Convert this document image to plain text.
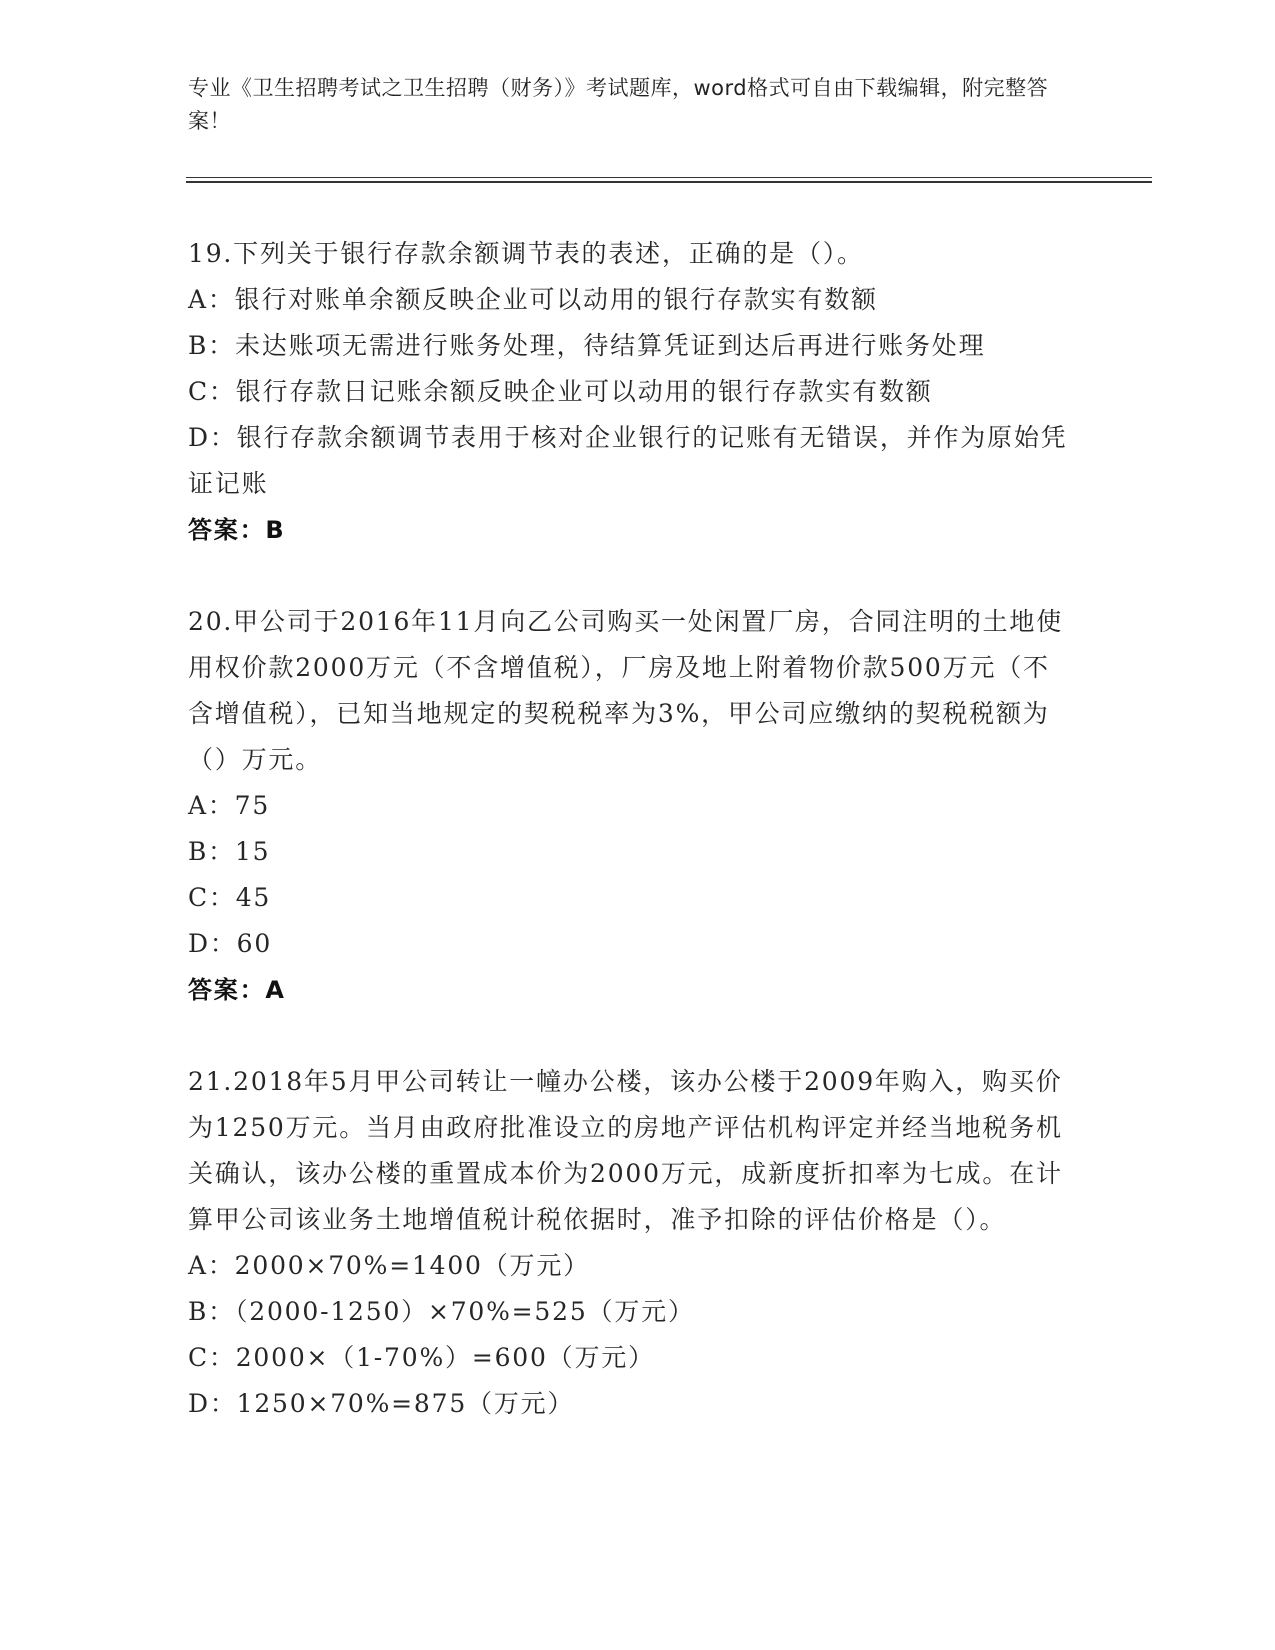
专业《卫生招聘考试之卫生招聘（财务）》考试题库，word格式可自由下载编辑，附完整答案！
19.下列关于银行存款余额调节表的表述，正确的是（）。
A：银行对账单余额反映企业可以动用的银行存款实有数额
B：未达账项无需进行账务处理，待结算凭证到达后再进行账务处理
C：银行存款日记账余额反映企业可以动用的银行存款实有数额
D：银行存款余额调节表用于核对企业银行的记账有无错误，并作为原始凭证记账
答案：B
20.甲公司于2016年11月向乙公司购买一处闲置厂房，合同注明的土地使用权价款2000万元（不含增值税），厂房及地上附着物价款500万元（不含增值税），已知当地规定的契税税率为3%，甲公司应缴纳的契税税额为（）万元。
A：75
B：15
C：45
D：60
答案：A
21.2018年5月甲公司转让一幢办公楼，该办公楼于2009年购入，购买价为1250万元。当月由政府批准设立的房地产评估机构评定并经当地税务机关确认，该办公楼的重置成本价为2000万元，成新度折扣率为七成。在计算甲公司该业务土地增值税计税依据时，准予扣除的评估价格是（）。
A：2000×70%=1400（万元）
B：（2000-1250）×70%=525（万元）
C：2000×（1-70%）=600（万元）
D：1250×70%=875（万元）
